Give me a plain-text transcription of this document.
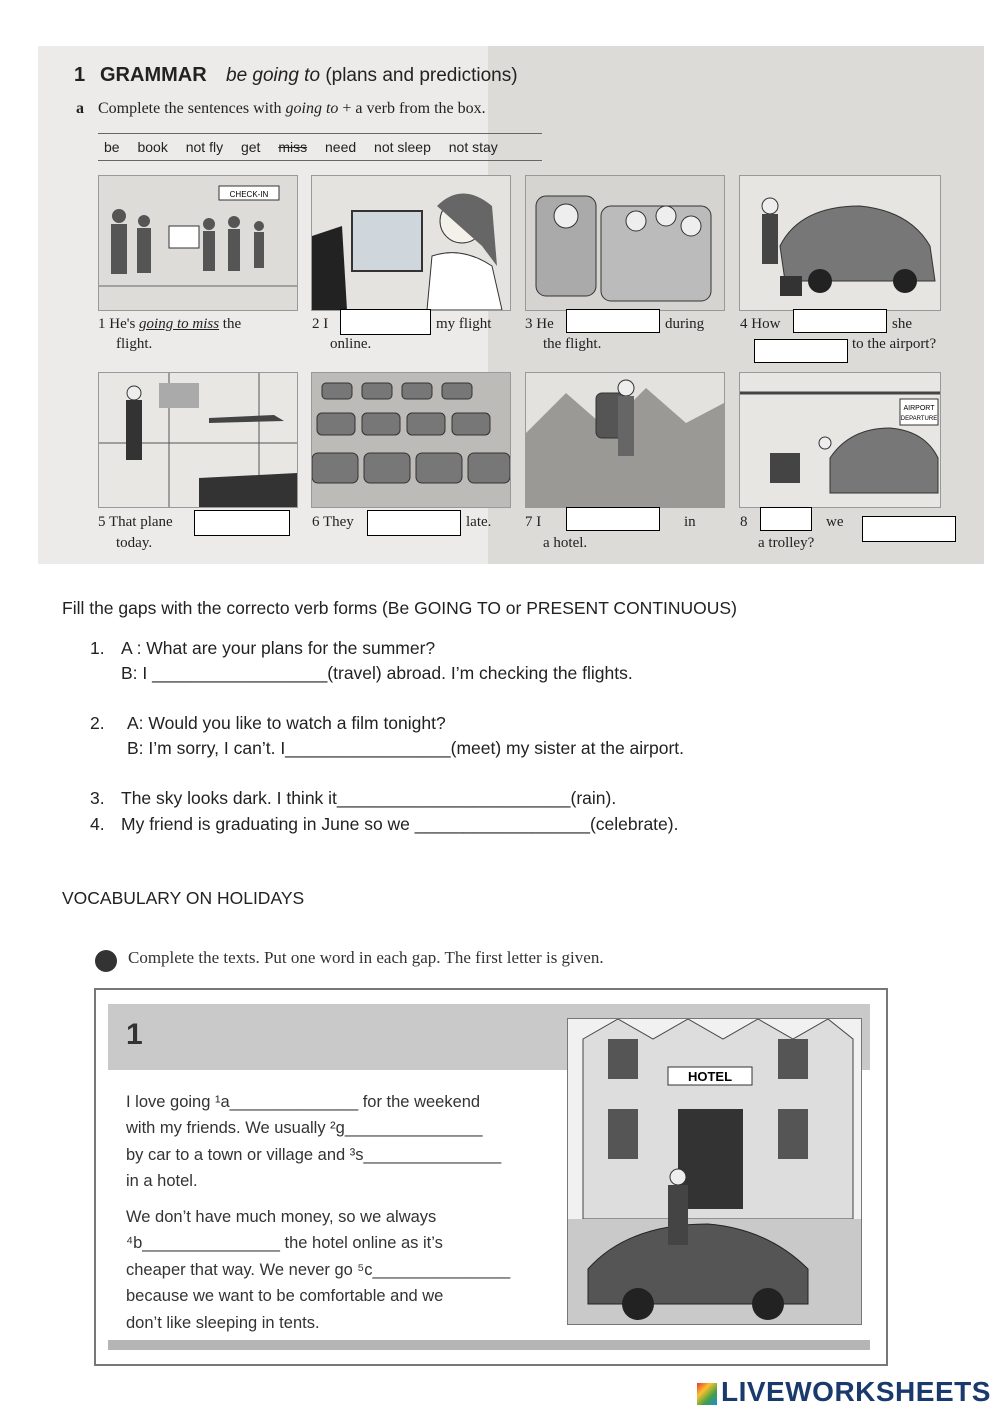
1 GRAMMAR be going to (plans and predictions)
a Complete the sentences with going to + a verb from the box.
be book not fly get miss need not sleep not stay
CHECK-IN
1 He's going to miss the
flight.
2 I	my flight
online.
3 He	during
the flight.
4 How	she
to the airport?
AIRPORT
DEPARTURE
5 That plane
today.
6 They	late. 7 I	in
a hotel.
8	we
a trolley?
Fill the gaps with the correcto verb forms (Be GOING TO or PRESENT CONTINUOUS)
1. A : What are your plans for the summer?
B: I __________________(travel) abroad. I’m checking the flights.
2. A: Would you like to watch a film tonight?
B: I’m sorry, I can’t. I_________________(meet) my sister at the airport.
3. The sky looks dark. I think it________________________(rain).
4. My friend is graduating in June so we __________________(celebrate).
VOCABULARY ON HOLIDAYS
Complete the texts. Put one word in each gap. The first letter is given.
1
I love going ¹a______________ for the weekend
with my friends. We usually ²g_______________
by car to a town or village and ³s_______________
in a hotel.
We don’t have much money, so we always
⁴b_______________ the hotel online as it’s
cheaper that way. We never go ⁵c_______________
because we want to be comfortable and we
don’t like sleeping in tents.
HOTEL
LIVEWORKSHEETS
